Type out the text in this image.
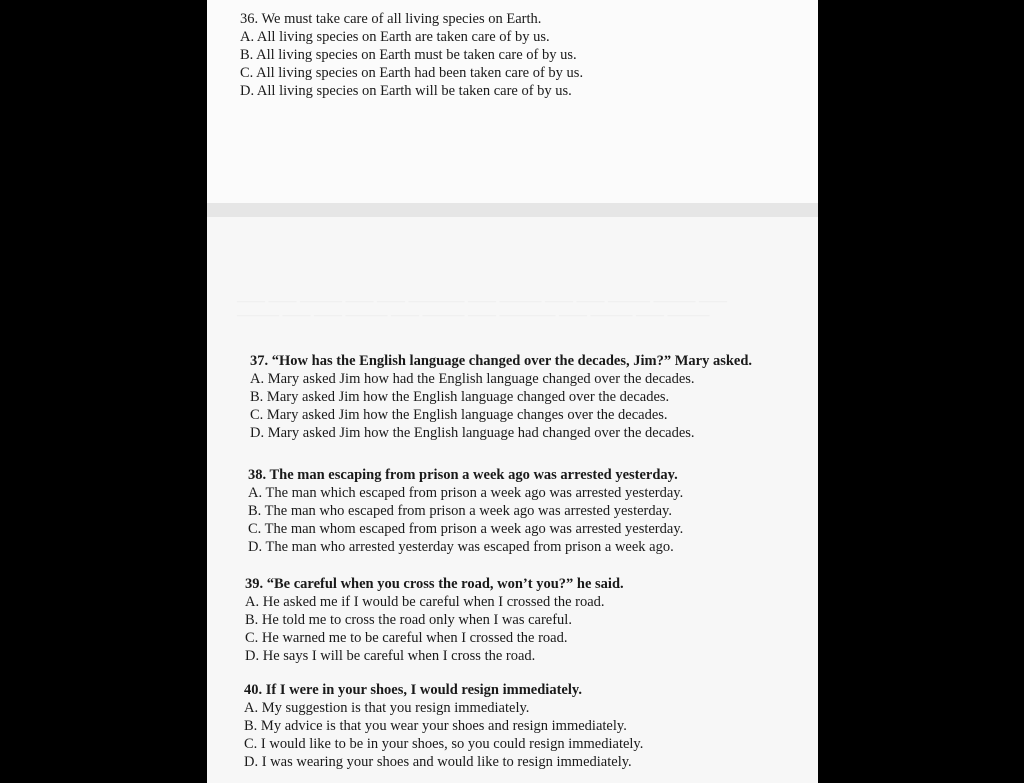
36. We must take care of all living species on Earth.
A. All living species on Earth are taken care of by us.
B. All living species on Earth must be taken care of by us.
C. All living species on Earth had been taken care of by us.
D. All living species on Earth will be taken care of by us.
—— —— ——— —— —— ———— —— ——— —— —— ——— ——— ——
——— —— —— ——— —— ——— —— ———— —— ——— —— ———
37. “How has the English language changed over the decades, Jim?” Mary asked.
A. Mary asked Jim how had the English language changed over the decades.
B. Mary asked Jim how the English language changed over the decades.
C. Mary asked Jim how the English language changes over the decades.
D. Mary asked Jim how the English language had changed over the decades.
38. The man escaping from prison a week ago was arrested yesterday.
A. The man which escaped from prison a week ago was arrested yesterday.
B. The man who escaped from prison a week ago was arrested yesterday.
C. The man whom escaped from prison a week ago was arrested yesterday.
D. The man who arrested yesterday was escaped from prison a week ago.
39. “Be careful when you cross the road, won’t you?” he said.
A. He asked me if I would be careful when I crossed the road.
B. He told me to cross the road only when I was careful.
C. He warned me to be careful when I crossed the road.
D. He says I will be careful when I cross the road.
40. If I were in your shoes, I would resign immediately.
A. My suggestion is that you resign immediately.
B. My advice is that you wear your shoes and resign immediately.
C. I would like to be in your shoes, so you could resign immediately.
D. I was wearing your shoes and would like to resign immediately.
